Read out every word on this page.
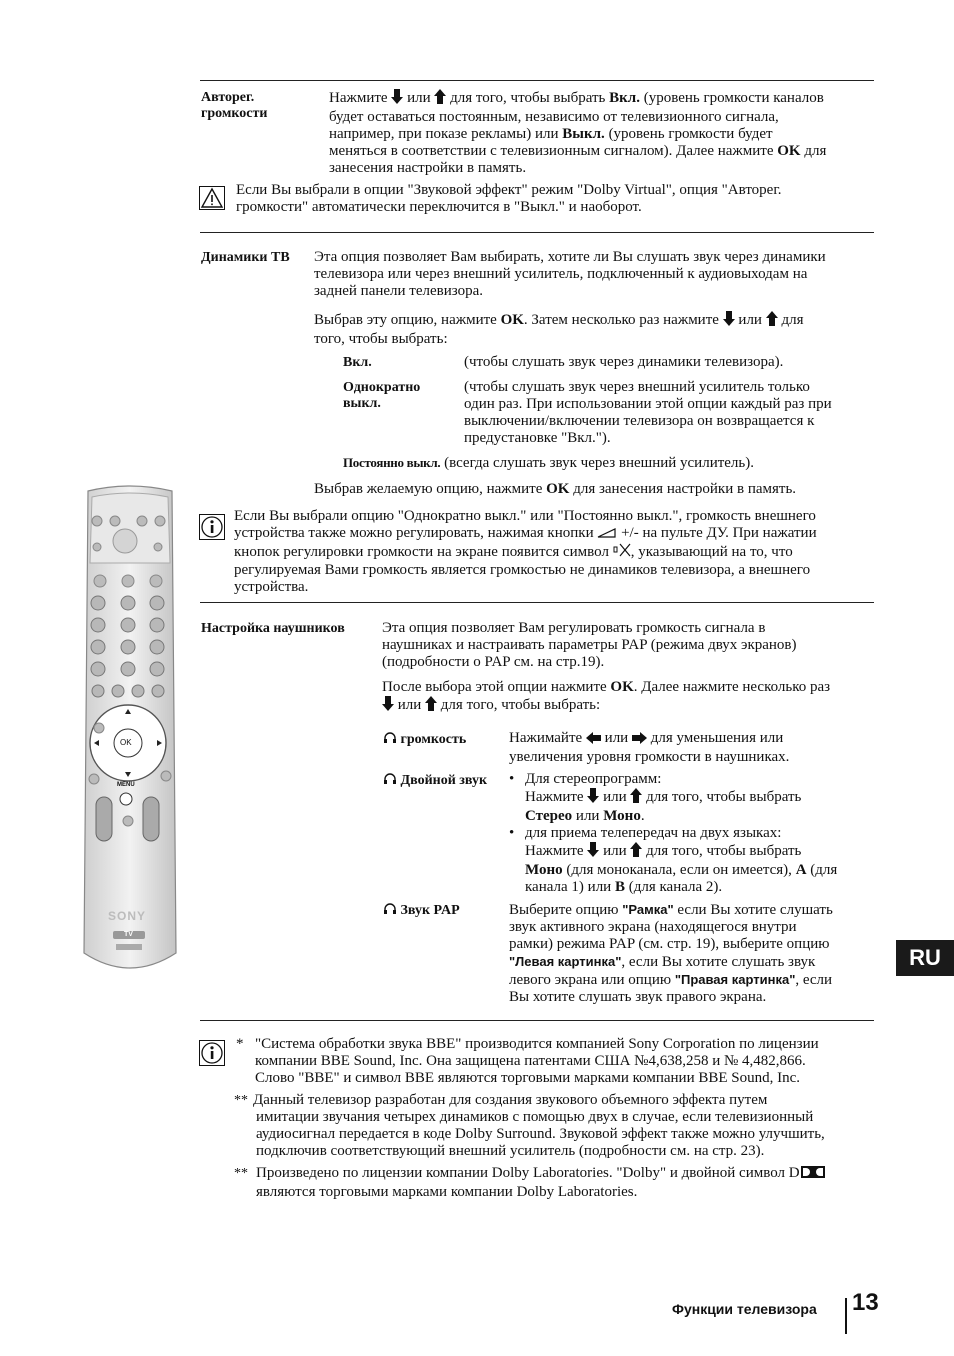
Авторег.
громкости
Нажмите  или  для того, чтобы выбрать Вкл. (уровень громкости каналов
будет оставаться постоянным, независимо от телевизионного сигнала,
например, при показе рекламы) или Выкл. (уровень громкости будет
меняться в соответствии с телевизионным сигналом). Далее нажмите OK для
занесения настройки в память.
Если Вы выбрали в опции "Звуковой эффект" режим "Dolby Virtual", опция "Авторег.
громкости" автоматически переключится в "Выкл." и наоборот.
Динамики ТВ Эта опция позволяет Вам выбирать, хотите ли Вы слушать звук через динамики
телевизора или через внешний усилитель, подключенный к аудиовыходам на
задней панели телевизора.
Выбрав эту опцию, нажмите OK. Затем несколько раз нажмите  или  для
того, чтобы выбрать:
Вкл.	(чтобы слушать звук через динамики телевизора).
Однократно
выкл.
(чтобы слушать звук через внешний усилитель только
один раз. При использовании этой опции каждый раз при
выключении/включении телевизора он возвращается к
предустановке "Вкл.").
Постоянно выкл. (всегда слушать звук через внешний усилитель).
Выбрав желаемую опцию, нажмите OK для занесения настройки в память.
Если Вы выбрали опцию "Однократно выкл." или "Постоянно выкл.", громкость внешнего
устройства также можно регулировать, нажимая кнопки  +/- на пульте ДУ. При нажатии
кнопок регулировки громкости на экране появится символ , указывающий на то, что
регулируемая Вами громкость является громкостью не динамиков телевизора, а внешнего
устройства.
Настройка наушников Эта опция позволяет Вам регулировать громкость сигнала в
наушниках и настраивать параметры PAP (режима двух экранов)
(подробности о PAP см. на стр.19).
После выбора этой опции нажмите OK. Далее нажмите несколько раз
или  для того, чтобы выбрать:
громкость	Нажимайте  или  для уменьшения или
увеличения уровня громкости в наушниках.
Двойной звук • Для стереопрограмм:
Нажмите  или  для того, чтобы выбрать
Стерео или Моно.
• для приема телепередач на двух языках:
Нажмите  или  для того, чтобы выбрать
Моно (для моноканала, если он имеется), A (для
канала 1) или B (для канала 2).
Звук PAP	Выберите опцию "Рамка" если Вы хотите слушать
звук активного экрана (находящегося внутри
рамки) режима PAP (см. стр. 19), выберите опцию
"Левая картинка", если Вы хотите слушать звук
левого экрана или опцию "Правая картинка", если
Вы хотите слушать звук правого экрана.
* "Система обработки звука BBE" производится компанией Sony Corporation по лицензии
компании BBE Sound, Inc. Она защищена патентами США №4,638,258 и № 4,482,866.
Слово "BBE" и символ BBE являются торговыми марками компании BBE Sound, Inc.
** Данный телевизор разработан для создания звукового объемного эффекта путем
имитации звучания четырех динамиков с помощью двух в случае, если телевизионный
аудиосигнал передается в коде Dolby Surround. Звуковой эффект также можно улучшить,
подключив соответствующий внешний усилитель (подробности см. на стр. 23).
** Произведено по лицензии компании Dolby Laboratories. "Dolby" и двойной символ D
являются торговыми марками компании Dolby Laboratories.
OK
MENU
SONY
TV
RU
Функции телевизора 13
